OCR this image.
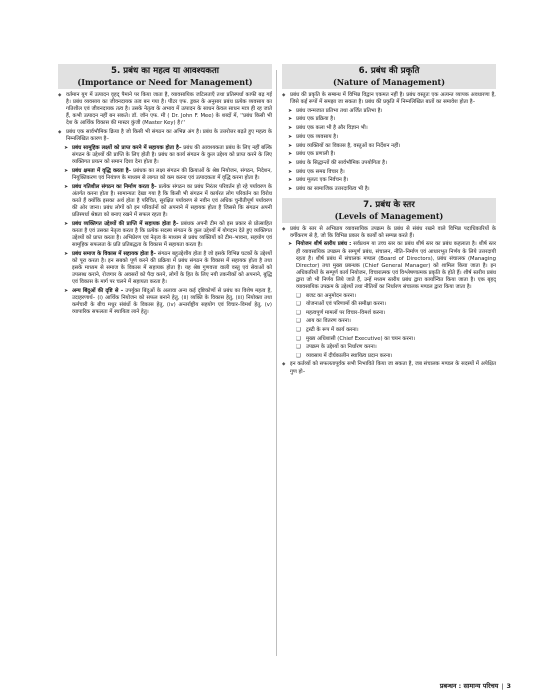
5. प्रबंध का महत्व या आवश्यकता
(Importance or Need for Management)
◆ वर्तमान युग में उत्पादन वृहद् पैमाने पर किया जाता है, व्यावसायिक जटिलताएँ तथा प्रतिस्पर्धा काफी बढ़ गई है। प्रबंध व्यवसाय का जीवनदायक तत्व बन गया है। पीटर एफ. ड्रकर के अनुसार प्रबंध प्रत्येक व्यवसाय का गतिशील एवं जीवनदायक तत्व है। उसके नेतृत्व के अभाव में उत्पादन के साधन केवल साधन मात्र ही रह जाते हैं, कभी उत्पादन नहीं बन सकते। डॉ. जॉन एफ. मी ( Dr. John F. Mee) के शब्दों में, ''प्रबंध किसी भी देश के आर्थिक विकास की मास्टर कुंजी (Master Key) है।''
◆ प्रबंध एक सार्वभौमिक क्रिया है जो किसी भी संगठन का अभिन्न अंग है। प्रबंध के उत्तरोत्तर बढ़ते हुए महत्व के निम्नलिखित कारण है–
➤ प्रबंध सामूहिक लक्ष्यों को प्राप्त करने में सहायक होता है– प्रबंध की आवश्यकता प्रबंध के लिए नहीं बल्कि संगठन के उद्देश्यों की प्राप्ति के लिए होती है। प्रबंध का कार्य संगठन के कुल उद्देश्य को प्राप्त करने के लिए व्यक्तिगत प्रयत्न को समान दिशा देना होता है।
➤ प्रबंध क्षमता में वृद्धि करता है– प्रबंधक का लक्ष्य संगठन की क्रियाओं के श्रेष्ठ नियोजन, संगठन, निदेशन, नियुक्तिकरण एवं नियंत्रण के माध्यम से लागत को कम करना एवं उत्पादकता में वृद्धि करना होता है।
➤ प्रबंध गतिशील संगठन का निर्माण करता है– प्रत्येक संगठन का प्रबंध निरंतर परिवर्तन हो रहे पर्यावरण के अंतर्गत करना होता है। सामान्यतः देखा गया है कि किसी भी संगठन में कार्यरत लोग परिवर्तन का विरोध करते हैं क्योंकि इसका अर्थ होता है परिचित, सुरक्षित पर्यावरण से नवीन एवं अधिक चुनौतीपूर्ण पर्यावरण की ओर जाना। प्रबंध लोगों को इन परिवर्तनों को अपनाने में सहायक होता है जिससे कि संगठन अपनी प्रतिस्पर्धा श्रेष्ठता को बनाए रखने में सफल रहता है।
➤ प्रबंध व्यक्तिगत उद्देश्यों की प्राप्ति में सहायक होता है– प्रबंधक अपनी टीम को इस प्रकार से प्रोत्साहित करता है एवं उसका नेतृत्व करता है कि प्रत्येक सदस्य संगठन के कुल उद्देश्यों में योगदान देते हुए व्यक्तिगत उद्देश्यों को प्राप्त करता है। अभिप्रेरण एवं नेतृत्व के माध्यम से प्रबंध व्यक्तियों को टीम–भावना, सहयोग एवं सामूहिक सफलता के प्रति प्रतिबद्धता के विकास में सहायता करता है।
➤ प्रबंध समाज के विकास में सहायक होता है– संगठन बहुउद्देशीय होता है जो इसके विभिन्न घटकों के उद्देश्यों को पूरा करता है। इन सबको पूर्ण करने की प्रक्रिया में प्रबंध संगठन के विकास में सहायक होता है तथा इसके माध्यम से समाज के विकास में सहायक होता है। यह श्रेष्ठ गुणवत्ता वाली वस्तु एवं सेवाओं को उपलब्ध कराने, रोजगार के अवसरों को पैदा करने, लोगों के हित के लिए नयी तकनीकों को अपनाने, बुद्धि एवं विकास के मार्ग पर चलने में सहायता करता है।
➤ अन्य बिंदुओं की दृष्टि से – उपर्युक्त बिंदुओं के अलावा अन्य कई दृष्टिकोणों से प्रबंध का विशेष महत्व है, उदाहरणार्थ– (i) आर्थिक नियोजन को सफल बनाने हेतु, (ii) व्यक्ति के विकास हेतु, (iii) नियोक्ता तथा कर्मचारी के बीच मधुर संबंधों के विकास हेतु, (iv) अन्तर्राष्ट्रीय सहयोग एवं विचार–विमर्श हेतु, (v) व्यापारिक सफलता में स्थायित्व लाने हेतु।
6. प्रबंध की प्रकृति
(Nature of Management)
◆ प्रबंध की प्रकृति के सम्बन्ध में विभिन्न विद्वान एकमत नहीं है। प्रबंध वस्तुतः एक अत्यन्त व्यापक अवधारणा है, जिसे कई रूपों में समझा जा सकता है। प्रबंध की प्रकृति में निम्नलिखित बातों का समावेश होता है–
➤ प्रबंध जन्मजात प्रतिभा तथा अर्जित प्रतिभा है।
➤ प्रबंध एक प्रक्रिया है।
➤ प्रबंध एक कला भी है और विज्ञान भी।
➤ प्रबंध एक व्यवसाय है।
➤ प्रबंध व्यक्तियों का विकास है, वस्तुओं का निर्देशन नहीं।
➤ प्रबंध एक प्रणाली है।
➤ प्रबंध के सिद्धान्तों की सार्वभौमिक उपयोगिता है।
➤ प्रबंध एक समग्र विचार है।
➤ प्रबंध मूलतः एक निर्वचन है।
➤ प्रबंध का सामाजिक उत्तरदायित्व भी है।
7. प्रबंध के स्तर
(Levels of Management)
◆ प्रबंध के स्तर से अभिप्राय व्यावसायिक उपक्रम के प्रबंध से संबंध रखने वाले विभिन्न पदाधिकारियों के वर्गीकरण से है, जो कि विभिन्न प्रकार के कार्यों को सम्पन्न करते हैं।
➤ नियोजन शीर्ष स्तरीय प्रबंध : सर्वप्रथम या उच्च स्तर का प्रबंध शीर्ष स्तर का प्रबंध कहलाता है। शीर्ष स्तर ही व्यावसायिक उपक्रम के सम्पूर्ण प्रबंध, संचालन, नीति–निर्माण एवं आधारभूत निर्णय के लिये उत्तरदायी रहता है। शीर्ष प्रबंध में संचालक मण्डल (Board of Directors), प्रबंध संचालक (Managing Director) तथा मुख्य प्रबन्धक (Chief General Manager) को शामिल किया जाता है। इन अधिकारियों के सम्पूर्ण कार्य नियोजन, विचारात्मक एवं विश्लेषणात्मक प्रकृति के होते हैं। शीर्ष स्तरीय प्रबंध द्वारा जो भी निर्णय लिये जाते हैं, उन्हें मध्यम स्तरीय प्रबंध द्वारा कार्यान्वित किया जाता है। एक बृहद् व्यावसायिक उपक्रम के उद्देश्यों तथा नीतियों का निर्धारण संचालक मण्डल द्वारा किया जाता है।
❑ बजट का अनुमोदन करना।
❑ योजनाओं एवं परिणामों की समीक्षा करना।
❑ महत्वपूर्ण मामलों पर विचार–विमर्श करना।
❑ आय का वितरण करना।
❑ ट्रस्टी के रूप में कार्य करना।
❑ मुख्य अधिशासी (Chief Executive) का चयन करना।
❑ उपक्रम के उद्देश्यों का निर्धारण करना।
❑ व्यवसाय में दीर्घकालीन स्थायित्व प्रदान करना।
◆ इन कर्तव्यों को सफलतापूर्वक सभी निभाविते किया जा सकता है, जब संचालक मण्डल के सदस्यों में अपेक्षित गुण हो–
प्रबन्धन : सामान्य परिचय | 3
